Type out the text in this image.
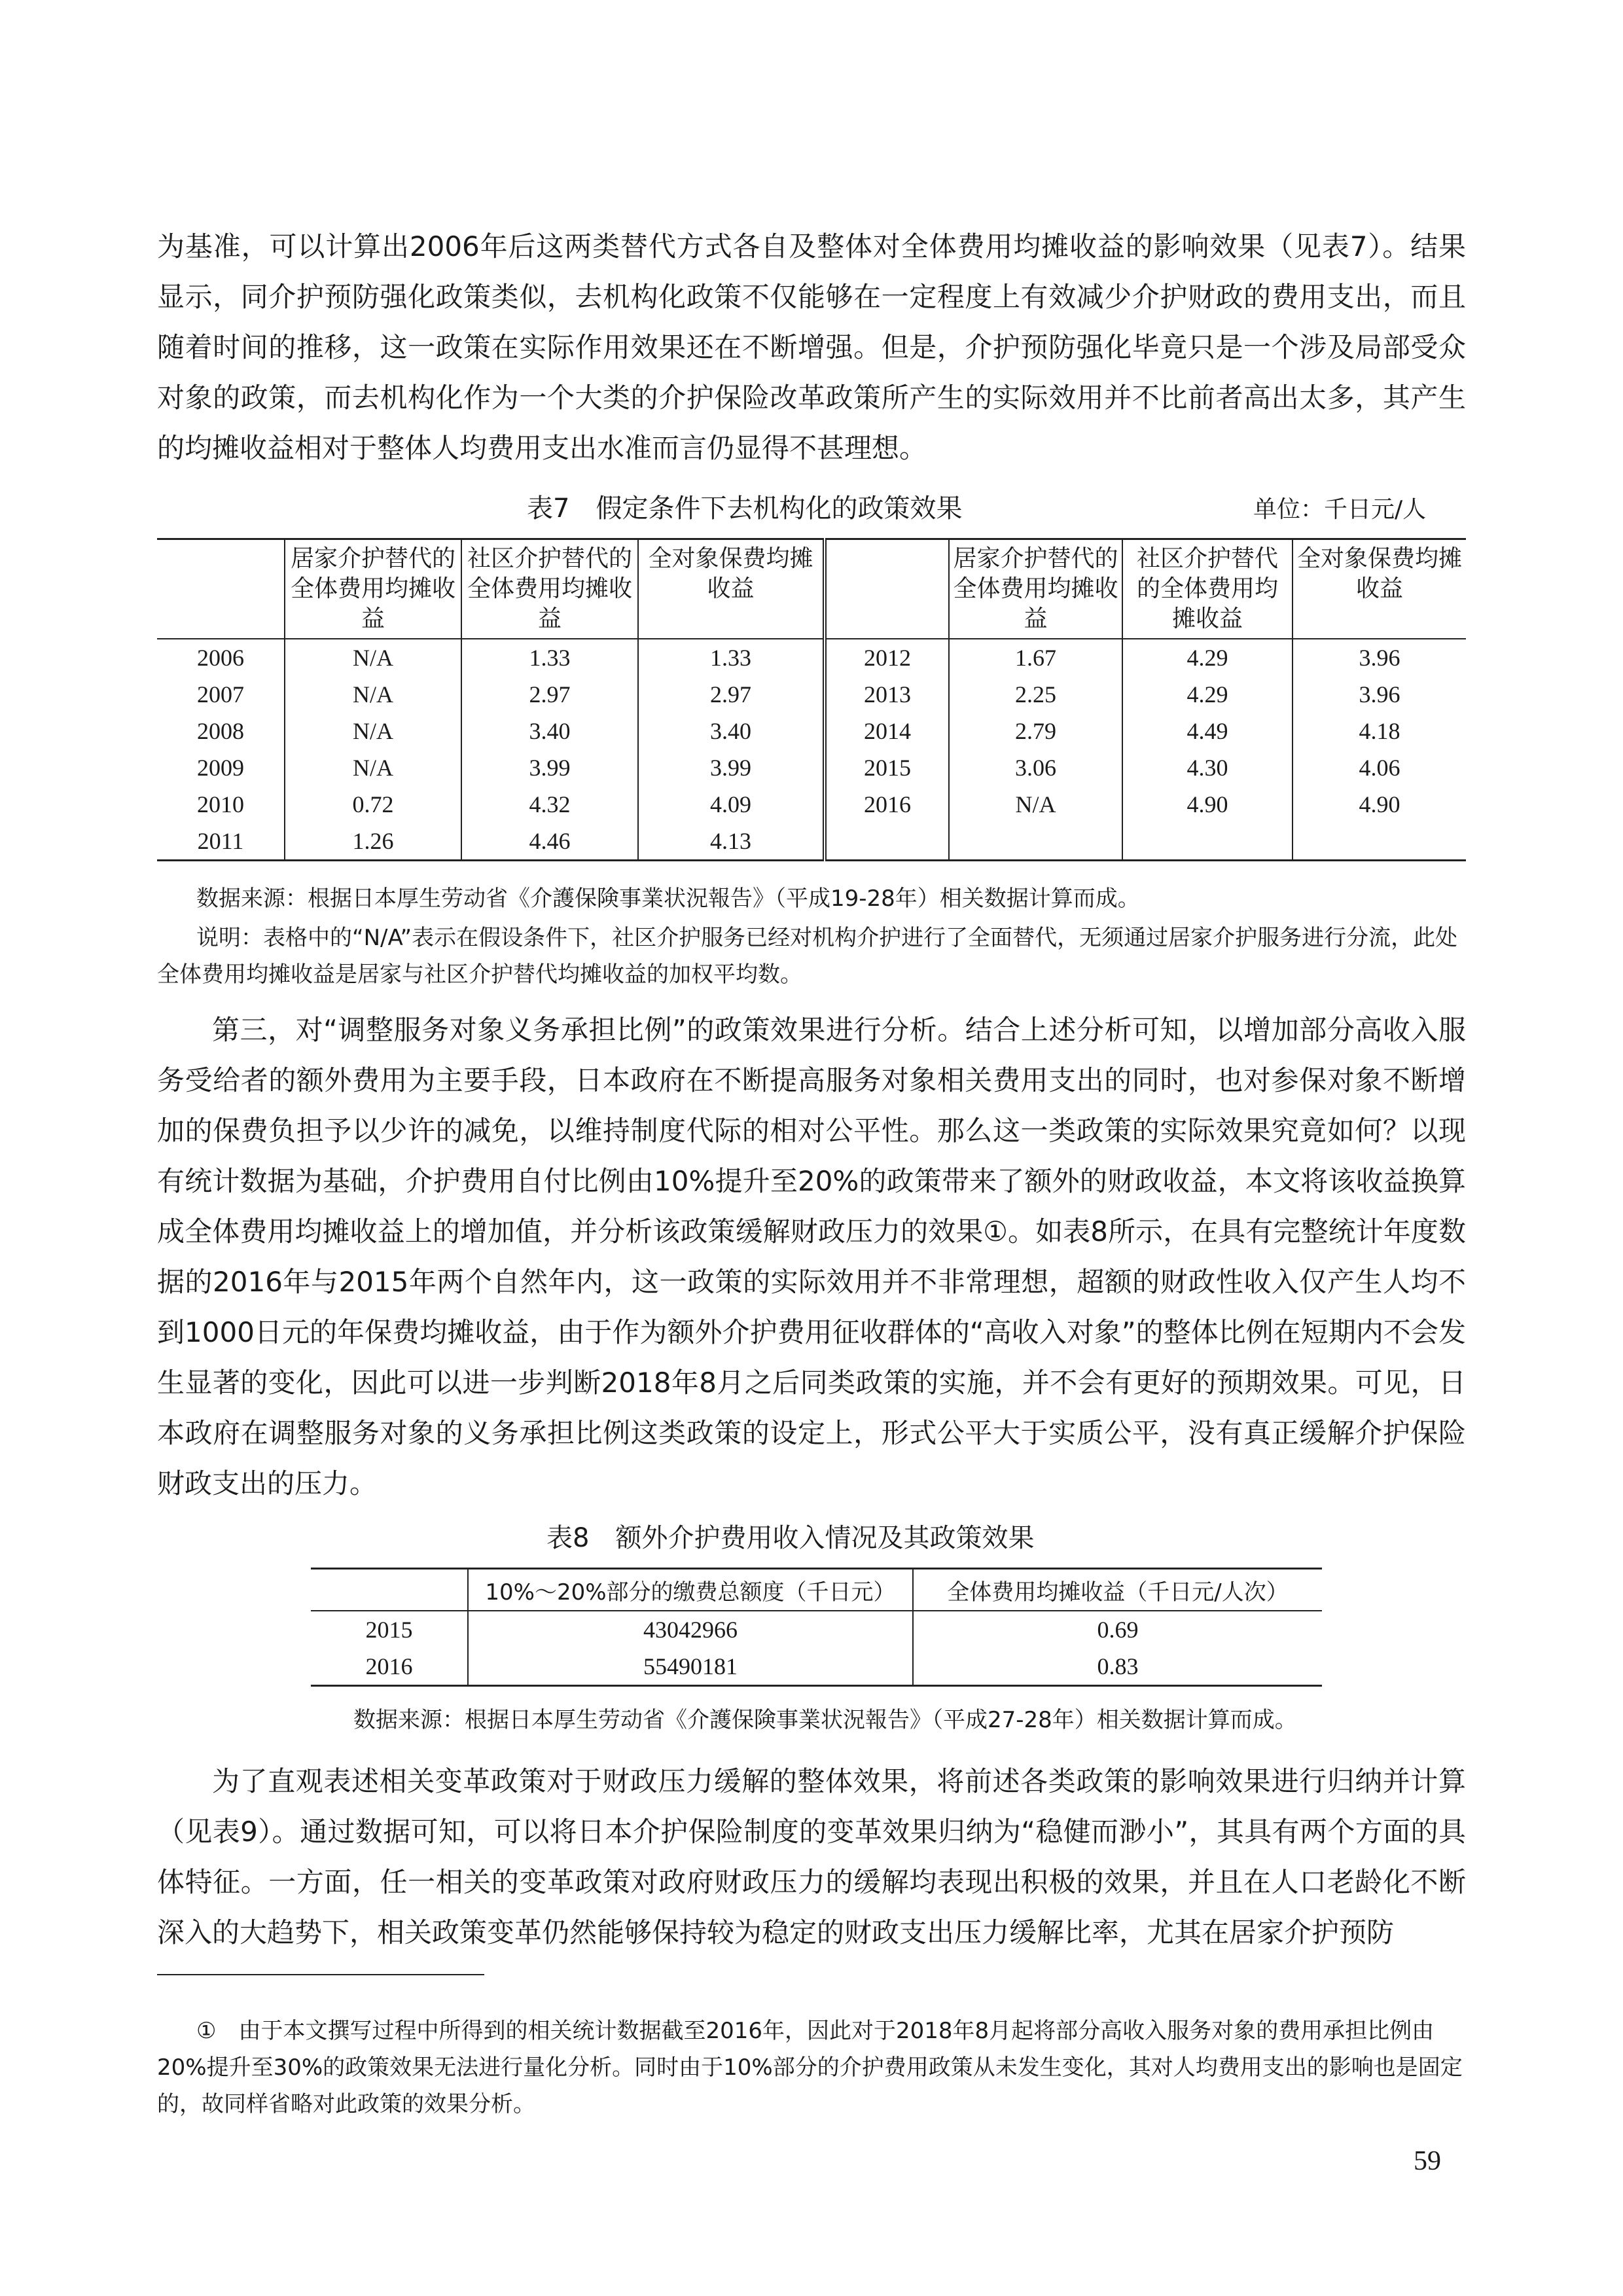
为基准，可以计算出2006年后这两类替代方式各自及整体对全体费用均摊收益的影响效果（见表7）。结果显示，同介护预防强化政策类似，去机构化政策不仅能够在一定程度上有效减少介护财政的费用支出，而且随着时间的推移，这一政策在实际作用效果还在不断增强。但是，介护预防强化毕竟只是一个涉及局部受众对象的政策，而去机构化作为一个大类的介护保险改革政策所产生的实际效用并不比前者高出太多，其产生的均摊收益相对于整体人均费用支出水准而言仍显得不甚理想。

表7　假定条件下去机构化的政策效果	单位：千日元/人
	居家介护替代的全体费用均摊收益	社区介护替代的全体费用均摊收益	全对象保费均摊收益		居家介护替代的全体费用均摊收益	社区介护替代的全体费用均摊收益	全对象保费均摊收益
2006	N/A	1.33	1.33	2012	1.67	4.29	3.96
2007	N/A	2.97	2.97	2013	2.25	4.29	3.96
2008	N/A	3.40	3.40	2014	2.79	4.49	4.18
2009	N/A	3.99	3.99	2015	3.06	4.30	4.06
2010	0.72	4.32	4.09	2016	N/A	4.90	4.90
2011	1.26	4.46	4.13				

数据来源：根据日本厚生劳动省《介護保険事業状況報告》（平成19-28年）相关数据计算而成。

说明：表格中的“N/A”表示在假设条件下，社区介护服务已经对机构介护进行了全面替代，无须通过居家介护服务进行分流，此处全体费用均摊收益是居家与社区介护替代均摊收益的加权平均数。

第三，对“调整服务对象义务承担比例”的政策效果进行分析。结合上述分析可知，以增加部分高收入服务受给者的额外费用为主要手段，日本政府在不断提高服务对象相关费用支出的同时，也对参保对象不断增加的保费负担予以少许的减免，以维持制度代际的相对公平性。那么这一类政策的实际效果究竟如何？以现有统计数据为基础，介护费用自付比例由10%提升至20%的政策带来了额外的财政收益，本文将该收益换算成全体费用均摊收益上的增加值，并分析该政策缓解财政压力的效果①。如表8所示，在具有完整统计年度数据的2016年与2015年两个自然年内，这一政策的实际效用并不非常理想，超额的财政性收入仅产生人均不到1000日元的年保费均摊收益，由于作为额外介护费用征收群体的“高收入对象”的整体比例在短期内不会发生显著的变化，因此可以进一步判断2018年8月之后同类政策的实施，并不会有更好的预期效果。可见，日本政府在调整服务对象的义务承担比例这类政策的设定上，形式公平大于实质公平，没有真正缓解介护保险财政支出的压力。

表8　额外介护费用收入情况及其政策效果
	10%～20%部分的缴费总额度（千日元）	全体费用均摊收益（千日元/人次）
2015	43042966	0.69
2016	55490181	0.83

数据来源：根据日本厚生劳动省《介護保険事業状況報告》（平成27-28年）相关数据计算而成。

为了直观表述相关变革政策对于财政压力缓解的整体效果，将前述各类政策的影响效果进行归纳并计算（见表9）。通过数据可知，可以将日本介护保险制度的变革效果归纳为“稳健而渺小”，其具有两个方面的具体特征。一方面，任一相关的变革政策对政府财政压力的缓解均表现出积极的效果，并且在人口老龄化不断深入的大趋势下，相关政策变革仍然能够保持较为稳定的财政支出压力缓解比率，尤其在居家介护预防

①　由于本文撰写过程中所得到的相关统计数据截至2016年，因此对于2018年8月起将部分高收入服务对象的费用承担比例由20%提升至30%的政策效果无法进行量化分析。同时由于10%部分的介护费用政策从未发生变化，其对人均费用支出的影响也是固定的，故同样省略对此政策的效果分析。

59
